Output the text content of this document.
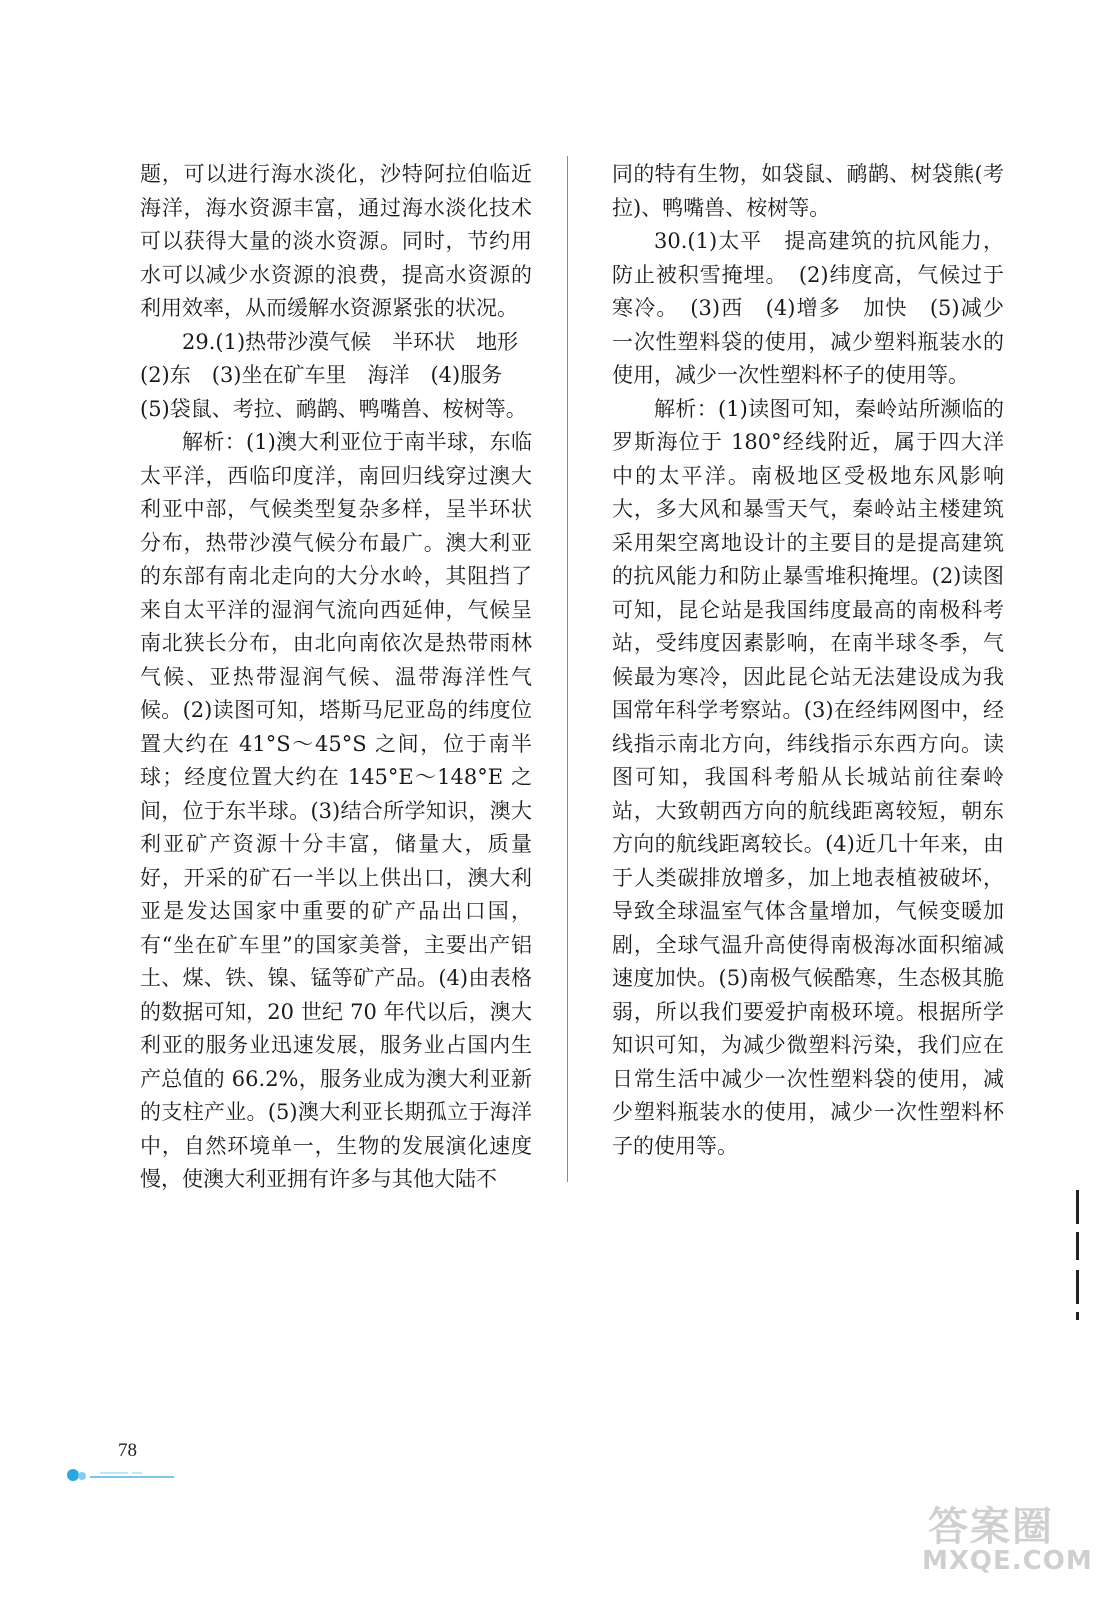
题，可以进行海水淡化，沙特阿拉伯临近海洋，海水资源丰富，通过海水淡化技术可以获得大量的淡水资源。同时，节约用水可以减少水资源的浪费，提高水资源的利用效率，从而缓解水资源紧张的状况。

29.(1)热带沙漠气候　半环状　地形

(2)东　(3)坐在矿车里　海洋　(4)服务

(5)袋鼠、考拉、鸸鹋、鸭嘴兽、桉树等。

解析：(1)澳大利亚位于南半球，东临太平洋，西临印度洋，南回归线穿过澳大利亚中部，气候类型复杂多样，呈半环状分布，热带沙漠气候分布最广。澳大利亚的东部有南北走向的大分水岭，其阻挡了来自太平洋的湿润气流向西延伸，气候呈南北狭长分布，由北向南依次是热带雨林气候、亚热带湿润气候、温带海洋性气候。(2)读图可知，塔斯马尼亚岛的纬度位置大约在 41°S～45°S 之间，位于南半球；经度位置大约在 145°E～148°E 之间，位于东半球。(3)结合所学知识，澳大利亚矿产资源十分丰富，储量大，质量好，开采的矿石一半以上供出口，澳大利亚是发达国家中重要的矿产品出口国，有“坐在矿车里”的国家美誉，主要出产铝土、煤、铁、镍、锰等矿产品。(4)由表格的数据可知，20 世纪 70 年代以后，澳大利亚的服务业迅速发展，服务业占国内生产总值的 66.2%，服务业成为澳大利亚新的支柱产业。(5)澳大利亚长期孤立于海洋中，自然环境单一，生物的发展演化速度慢，使澳大利亚拥有许多与其他大陆不

同的特有生物，如袋鼠、鸸鹋、树袋熊(考拉)、鸭嘴兽、桉树等。

30.(1)太平　提高建筑的抗风能力，防止被积雪掩埋。　(2)纬度高，气候过于寒冷。　(3)西　(4)增多　加快　(5)减少一次性塑料袋的使用，减少塑料瓶装水的使用，减少一次性塑料杯子的使用等。

解析：(1)读图可知，秦岭站所濒临的罗斯海位于 180°经线附近，属于四大洋中的太平洋。南极地区受极地东风影响大，多大风和暴雪天气，秦岭站主楼建筑采用架空离地设计的主要目的是提高建筑的抗风能力和防止暴雪堆积掩埋。(2)读图可知，昆仑站是我国纬度最高的南极科考站，受纬度因素影响，在南半球冬季，气候最为寒冷，因此昆仑站无法建设成为我国常年科学考察站。(3)在经纬网图中，经线指示南北方向，纬线指示东西方向。读图可知，我国科考船从长城站前往秦岭站，大致朝西方向的航线距离较短，朝东方向的航线距离较长。(4)近几十年来，由于人类碳排放增多，加上地表植被破坏，导致全球温室气体含量增加，气候变暖加剧，全球气温升高使得南极海冰面积缩减速度加快。(5)南极气候酷寒，生态极其脆弱，所以我们要爱护南极环境。根据所学知识可知，为减少微塑料污染，我们应在日常生活中减少一次性塑料袋的使用，减少塑料瓶装水的使用，减少一次性塑料杯子的使用等。

78
答案圈
MXQE.COM
